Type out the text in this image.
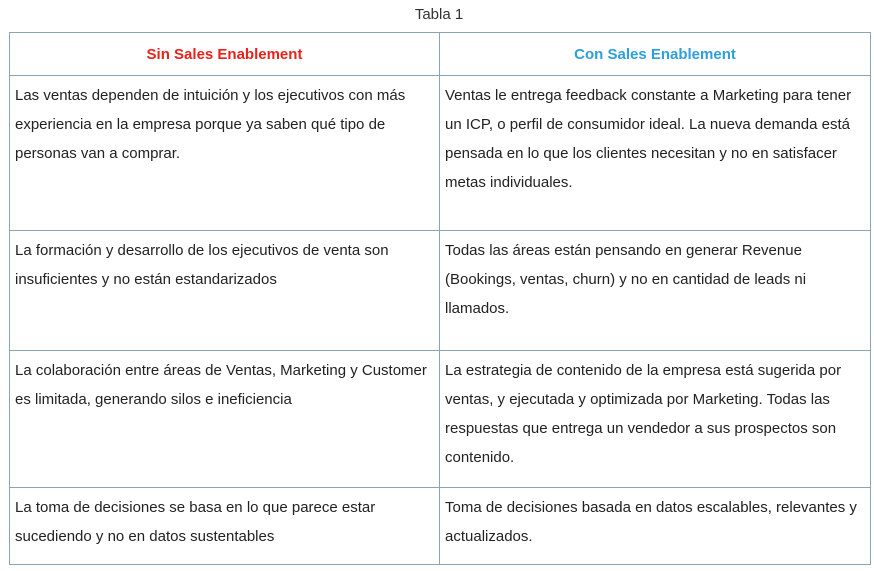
Tabla 1
Sin Sales Enablement	Con Sales Enablement

Las ventas dependen de intuición y los ejecutivos con más experiencia en la empresa porque ya saben qué tipo de personas van a comprar.	Ventas le entrega feedback constante a Marketing para tener un ICP, o perfil de consumidor ideal. La nueva demanda está pensada en lo que los clientes necesitan y no en satisfacer metas individuales.

La formación y desarrollo de los ejecutivos de venta son insuficientes y no están estandarizados	Todas las áreas están pensando en generar Revenue (Bookings, ventas, churn) y no en cantidad de leads ni llamados.

La colaboración entre áreas de Ventas, Marketing y Customer es limitada, generando silos e ineficiencia	La estrategia de contenido de la empresa está sugerida por ventas, y ejecutada y optimizada por Marketing. Todas las respuestas que entrega un vendedor a sus prospectos son contenido.

La toma de decisiones se basa en lo que parece estar sucediendo y no en datos sustentables	Toma de decisiones basada en datos escalables, relevantes y actualizados.
